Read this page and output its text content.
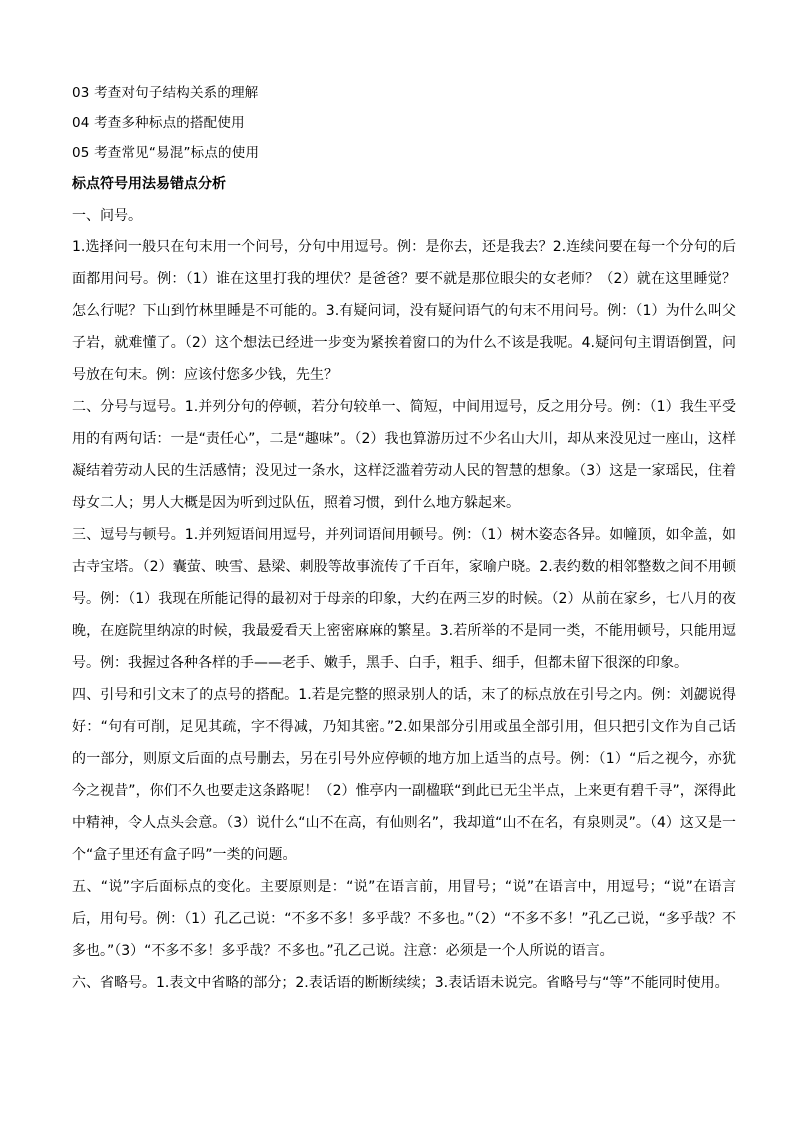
03 考查对句子结构关系的理解
04 考查多种标点的搭配使用
05 考查常见“易混”标点的使用
标点符号用法易错点分析
一、问号。
1.选择问一般只在句末用一个问号，分句中用逗号。例：是你去，还是我去？2.连续问要在每一个分句的后面都用问号。例：（1）谁在这里打我的埋伏？是爸爸？要不就是那位眼尖的女老师？（2）就在这里睡觉？怎么行呢？下山到竹林里睡是不可能的。3.有疑问词，没有疑问语气的句末不用问号。例：（1）为什么叫父子岩，就难懂了。（2）这个想法已经进一步变为紧挨着窗口的为什么不该是我呢。4.疑问句主谓语倒置，问号放在句末。例：应该付您多少钱，先生？
二、分号与逗号。1.并列分句的停顿，若分句较单一、简短，中间用逗号，反之用分号。例：（1）我生平受用的有两句话：一是“责任心”，二是“趣味”。（2）我也算游历过不少名山大川，却从来没见过一座山，这样凝结着劳动人民的生活感情；没见过一条水，这样泛滥着劳动人民的智慧的想象。（3）这是一家瑶民，住着母女二人；男人大概是因为听到过队伍，照着习惯，到什么地方躲起来。
三、逗号与顿号。1.并列短语间用逗号，并列词语间用顿号。例：（1）树木姿态各异。如幢顶，如伞盖，如古寺宝塔。（2）囊萤、映雪、悬梁、刺股等故事流传了千百年，家喻户晓。2.表约数的相邻整数之间不用顿号。例：（1）我现在所能记得的最初对于母亲的印象，大约在两三岁的时候。（2）从前在家乡，七八月的夜晚，在庭院里纳凉的时候，我最爱看天上密密麻麻的繁星。3.若所举的不是同一类，不能用顿号，只能用逗号。例：我握过各种各样的手——老手、嫩手，黑手、白手，粗手、细手，但都未留下很深的印象。
四、引号和引文末了的点号的搭配。1.若是完整的照录别人的话，末了的标点放在引号之内。例：刘勰说得好：“句有可削，足见其疏，字不得减，乃知其密。”2.如果部分引用或虽全部引用，但只把引文作为自己话的一部分，则原文后面的点号删去，另在引号外应停顿的地方加上适当的点号。例：（1）“后之视今，亦犹今之视昔”，你们不久也要走这条路呢！（2）惟亭内一副楹联“到此已无尘半点，上来更有碧千寻”，深得此中精神，令人点头会意。（3）说什么“山不在高，有仙则名”，我却道“山不在名，有泉则灵”。（4）这又是一个“盒子里还有盒子吗”一类的问题。
五、“说”字后面标点的变化。主要原则是：“说”在语言前，用冒号；“说”在语言中，用逗号；“说”在语言后，用句号。例：（1）孔乙己说：“不多不多！多乎哉？不多也。”（2）“不多不多！”孔乙己说，“多乎哉？不多也。”（3）“不多不多！多乎哉？不多也。”孔乙己说。注意：必须是一个人所说的语言。
六、省略号。1.表文中省略的部分；2.表话语的断断续续；3.表话语未说完。省略号与“等”不能同时使用。
